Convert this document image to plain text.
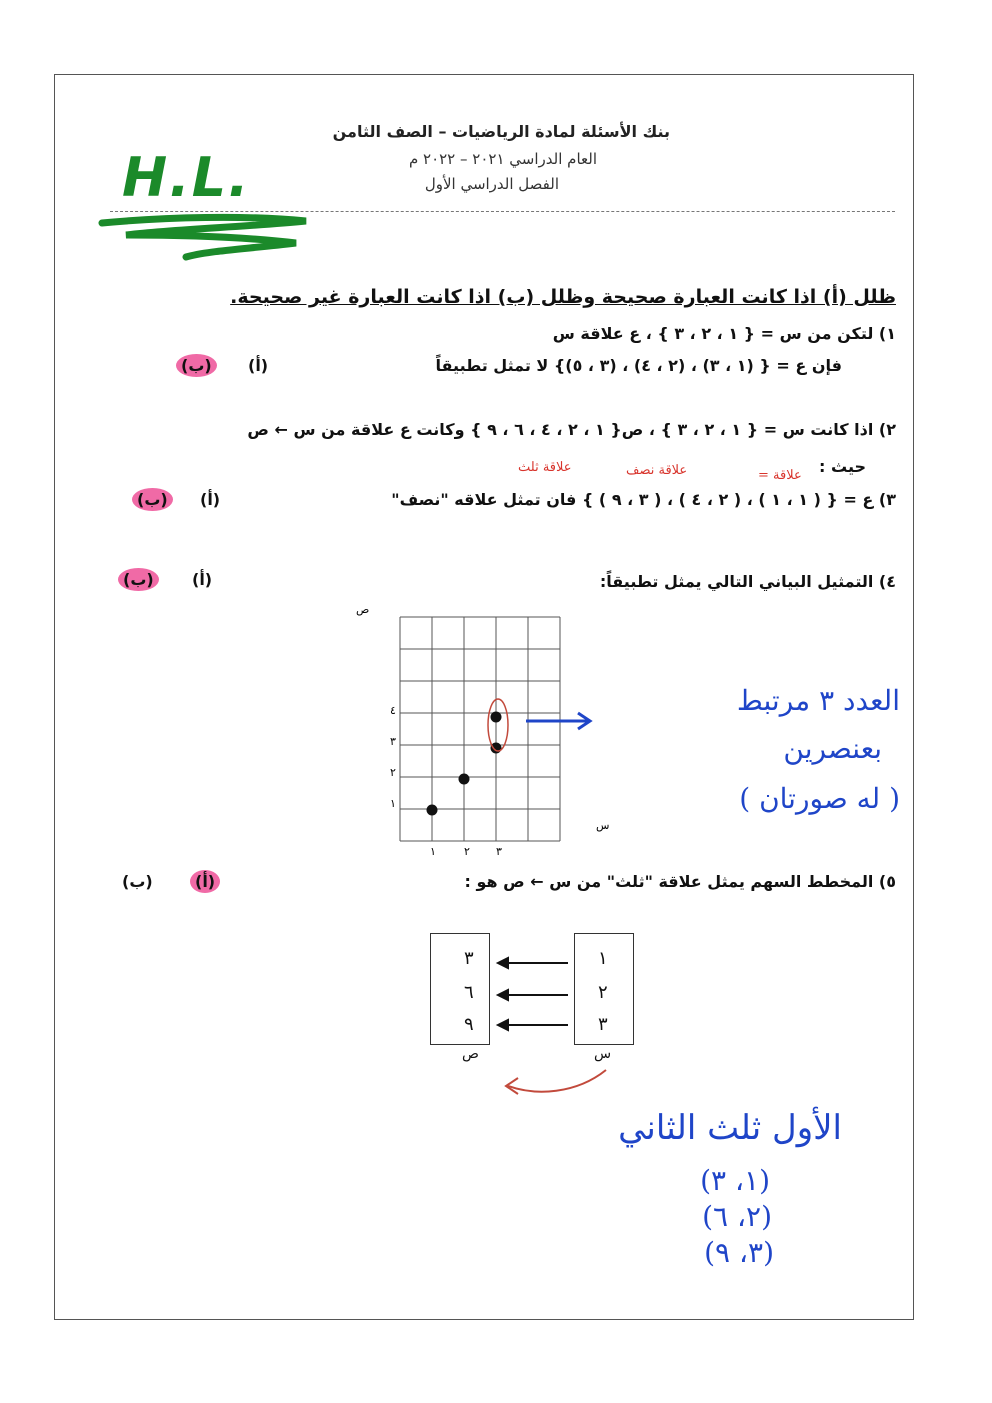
بنك الأسئلة لمادة الرياضيات – الصف الثامن
العام الدراسي ٢٠٢١ – ٢٠٢٢ م
الفصل الدراسي الأول
H.L.
ظلل (أ) اذا كانت العبارة صحيحة وظلل (ب) اذا كانت العبارة غير صحيحة.
١) لتكن من س = { ١ ، ٢ ، ٣ } ، ع علاقة س
فإن ع = { (١ ، ٣) ، (٢ ، ٤) ، (٣ ، ٥)} لا تمثل تطبيقاً
(أ)
(ب)
٢) اذا كانت س = { ١ ، ٢ ، ٣ } ، ص{ ١ ، ٢ ، ٤ ، ٦ ، ٩ } وكانت ع علاقة من س ← ص
حيث :
علاقة =
علاقة نصف
علاقة ثلث
٣) ع = { ( ١ ، ١ ) ، ( ٢ ، ٤ ) ، ( ٣ ، ٩ ) } فان تمثل علاقه "نصف"
(أ)
(ب)
٤) التمثيل البياني التالي يمثل تطبيقاً:
(أ)
(ب)
ص
س
١
٢
٣
٤
١	٢ ٣
العدد ٣ مرتبط
بعنصرين
( له صورتان )
٥) المخطط السهم يمثل علاقة "ثلث" من س ← ص هو :
(أ)
(ب)
٣
٦
٩
١
٢
٣
ص	س
الأول ثلث الثاني
(١، ٣)
(٢، ٦)
(٣، ٩)
